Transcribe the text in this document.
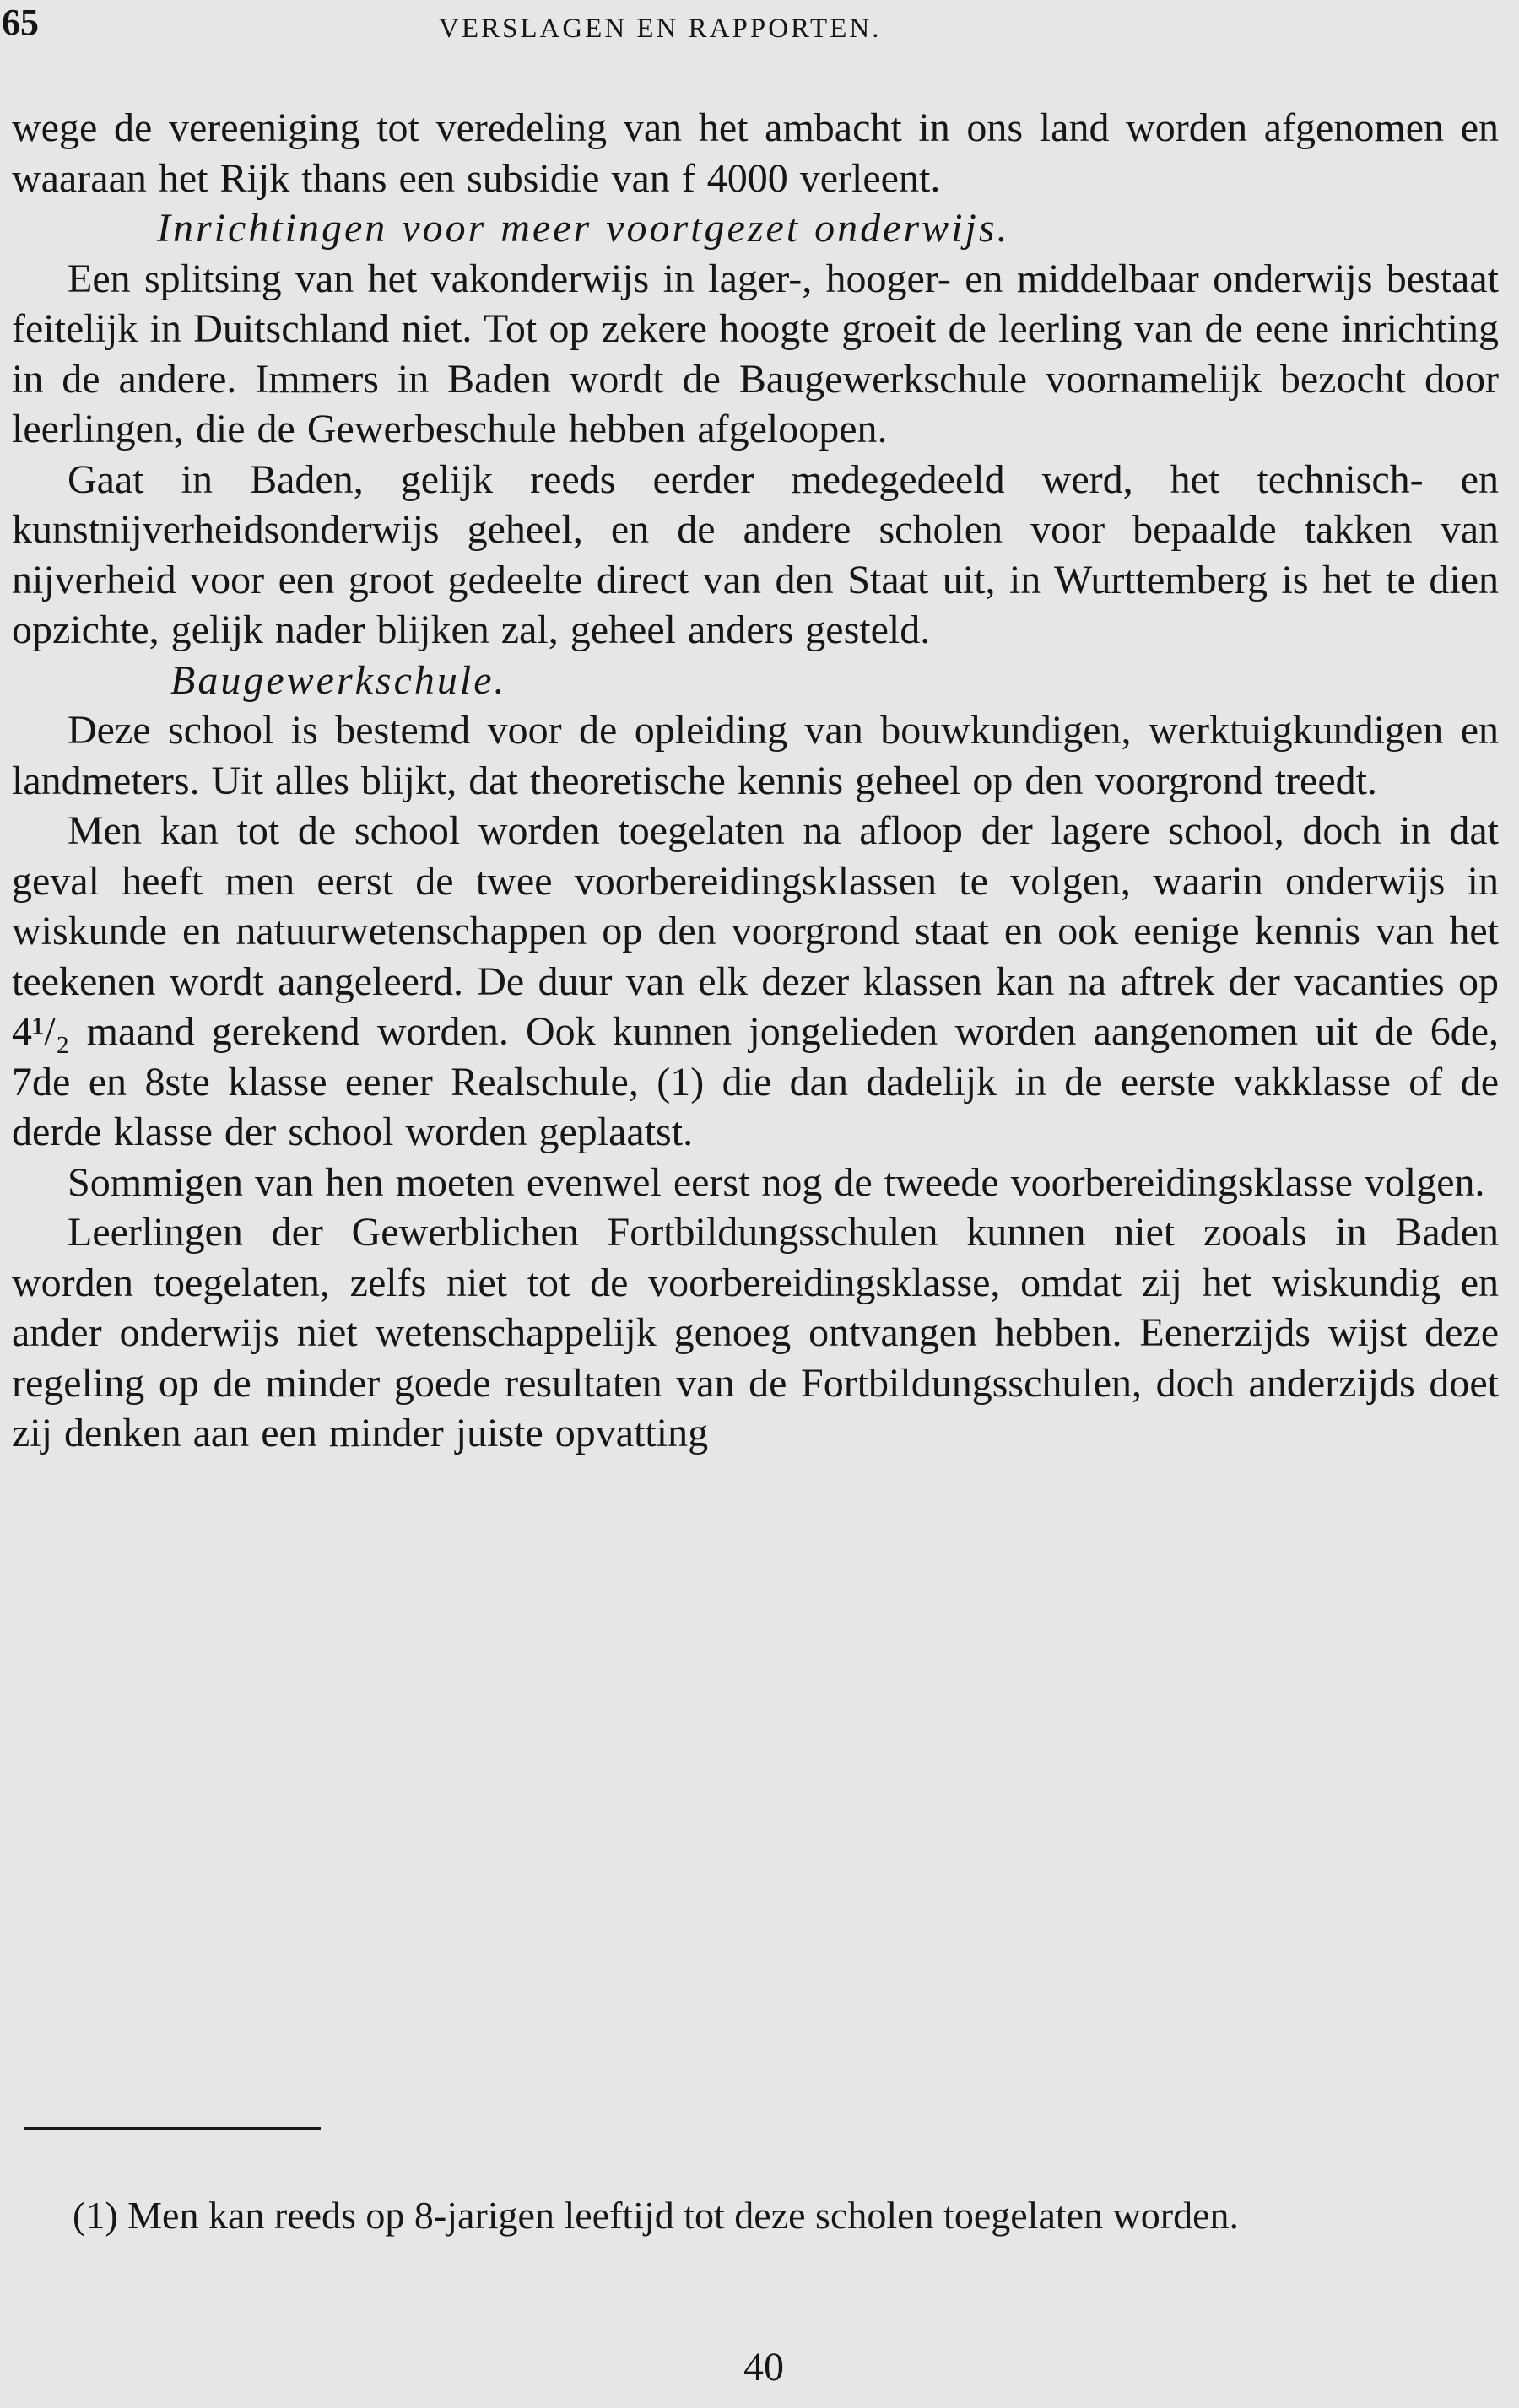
65	VERSLAGEN EN RAPPORTEN.

wege de vereeniging tot veredeling van het ambacht in ons land worden afgenomen en waaraan het Rijk thans een subsidie van f 4000 verleent.

Inrichtingen voor meer voortgezet onderwijs.

Een splitsing van het vakonderwijs in lager-, hooger- en middelbaar onderwijs bestaat feitelijk in Duitschland niet. Tot op zekere hoogte groeit de leerling van de eene inrichting in de andere. Immers in Baden wordt de Baugewerkschule voornamelijk bezocht door leerlingen, die de Gewerbeschule hebben afgeloopen.

Gaat in Baden, gelijk reeds eerder medegedeeld werd, het technisch- en kunstnijverheidsonderwijs geheel, en de andere scholen voor bepaalde takken van nijverheid voor een groot gedeelte direct van den Staat uit, in Wurttemberg is het te dien opzichte, gelijk nader blijken zal, geheel anders gesteld.

Baugewerkschule.

Deze school is bestemd voor de opleiding van bouwkundigen, werktuigkundigen en landmeters. Uit alles blijkt, dat theoretische kennis geheel op den voorgrond treedt.

Men kan tot de school worden toegelaten na afloop der lagere school, doch in dat geval heeft men eerst de twee voorbereidingsklassen te volgen, waarin onderwijs in wiskunde en natuurwetenschappen op den voorgrond staat en ook eenige kennis van het teekenen wordt aangeleerd. De duur van elk dezer klassen kan na aftrek der vacanties op 4¹/₂ maand gerekend worden. Ook kunnen jongelieden worden aangenomen uit de 6de, 7de en 8ste klasse eener Realschule, (1) die dan dadelijk in de eerste vakklasse of de derde klasse der school worden geplaatst.

Sommigen van hen moeten evenwel eerst nog de tweede voorbereidingsklasse volgen.

Leerlingen der Gewerblichen Fortbildungsschulen kunnen niet zooals in Baden worden toegelaten, zelfs niet tot de voorbereidingsklasse, omdat zij het wiskundig en ander onderwijs niet wetenschappelijk genoeg ontvangen hebben. Eenerzijds wijst deze regeling op de minder goede resultaten van de Fortbildungsschulen, doch anderzijds doet zij denken aan een minder juiste opvatting

(1) Men kan reeds op 8-jarigen leeftijd tot deze scholen toegelaten worden.

40
